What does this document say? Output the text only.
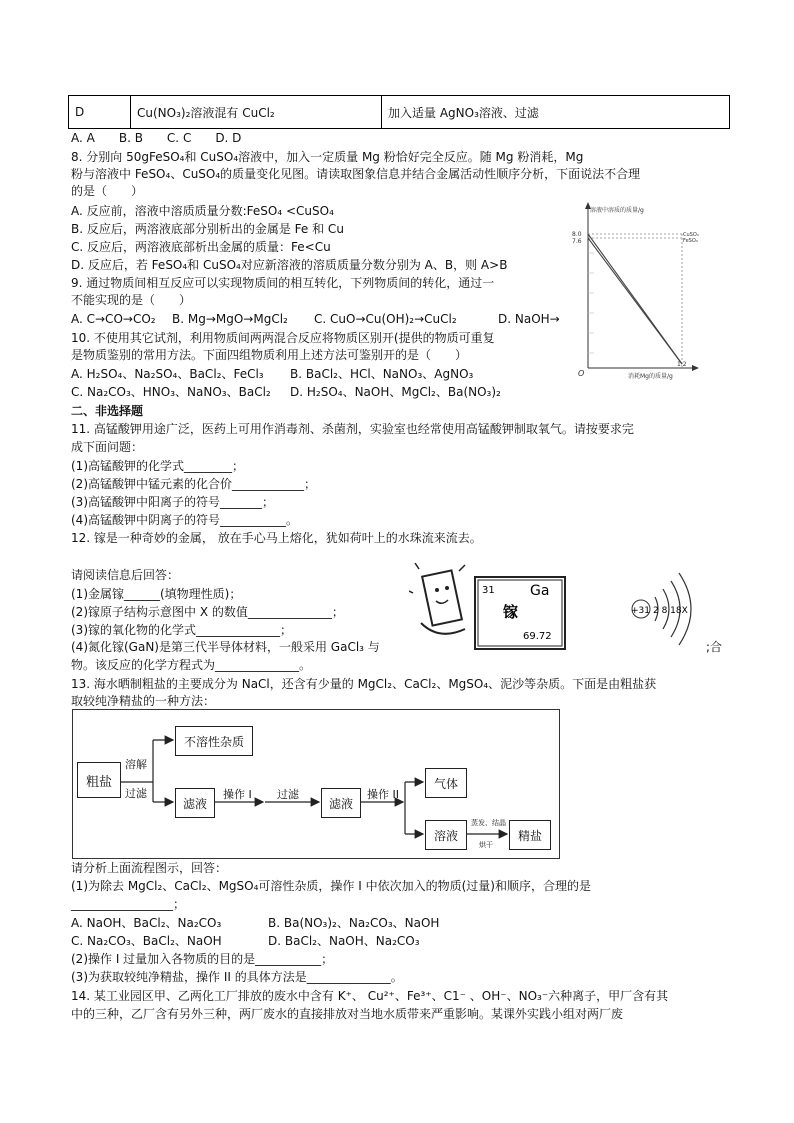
D	Cu(NO₃)₂溶液混有 CuCl₂	加入适量 AgNO₃溶液、过滤
A. A　　B. B　　C. C　　D. D
8. 分别向 50gFeSO₄和 CuSO₄溶液中，加入一定质量 Mg 粉恰好完全反应。随 Mg 粉消耗，Mg
粉与溶液中 FeSO₄、CuSO₄的质量变化见图。请读取图象信息并结合金属活动性顺序分析，下面说法不合理
的是（　　）
A. 反应前，溶液中溶质质量分数:FeSO₄ <CuSO₄
B. 反应后，两溶液底部分别析出的金属是 Fe 和 Cu
C. 反应后，两溶液底部析出金属的质量：Fe<Cu
D. 反应后，若 FeSO₄和 CuSO₄对应新溶液的溶质质量分数分别为 A、B，则 A>B
9. 通过物质间相互反应可以实现物质间的相互转化，下列物质间的转化，通过一
不能实现的是（　　）
A. C→CO→CO₂ B. Mg→MgO→MgCl₂ C. CuO→Cu(OH)₂→CuCl₂	D. NaOH→
10. 不使用其它试剂，利用物质间两两混合反应将物质区别开(提供的物质可重复
是物质鉴别的常用方法。下面四组物质利用上述方法可鉴别开的是（　　）
A. H₂SO₄、Na₂SO₄、BaCl₂、FeCl₃ B. BaCl₂、HCl、NaNO₃、AgNO₃
C. Na₂CO₃、HNO₃、NaNO₃、BaCl₂ D. H₂SO₄、NaOH、MgCl₂、Ba(NO₃)₂
溶液中溶质的质量/g
8.0
7.6
CuSO₄
FeSO₄
O
1.2
消耗Mg的质量/g
二、非选择题
11. 高锰酸钾用途广泛，医药上可用作消毒剂、杀菌剂，实验室也经常使用高锰酸钾制取氧气。请按要求完
成下面问题：
(1)高锰酸钾的化学式________；
(2)高锰酸钾中锰元素的化合价____________；
(3)高锰酸钾中阳离子的符号_______；
(4)高锰酸钾中阴离子的符号___________。
12. 镓是一种奇妙的金属， 放在手心马上熔化，犹如荷叶上的水珠流来流去。
请阅读信息后回答：
(1)金属镓______(填物理性质)；
(2)镓原子结构示意图中 X 的数值______________；
(3)镓的氧化物的化学式______________；
(4)氮化镓(GaN)是第三代半导体材料，一般采用 GaCl₃ 与	;合
物。该反应的化学方程式为______________。
31	Ga
镓
69.72
+31 2 8 18X
13. 海水晒制粗盐的主要成分为 NaCl，还含有少量的 MgCl₂、CaCl₂、MgSO₄、泥沙等杂质。下面是由粗盐获
取较纯净精盐的一种方法：
粗盐
溶解
过滤
不溶性杂质
滤液
操作 I 过滤
滤液
操作 II
气体
溶液
蒸发、结晶
烘干
精盐
请分析上面流程图示，回答：
(1)为除去 MgCl₂、CaCl₂、MgSO₄可溶性杂质，操作 I 中依次加入的物质(过量)和顺序，合理的是
_________________；
A. NaOH、BaCl₂、Na₂CO₃	B. Ba(NO₃)₂、Na₂CO₃、NaOH
C. Na₂CO₃、BaCl₂、NaOH	D. BaCl₂、NaOH、Na₂CO₃
(2)操作 I 过量加入各物质的目的是___________；
(3)为获取较纯净精盐，操作 II 的具体方法是______________。
14. 某工业园区甲、乙两化工厂排放的废水中含有 K⁺、 Cu²⁺、Fe³⁺、C1⁻ 、OH⁻、NO₃⁻六种离子，甲厂含有其
中的三种，乙厂含有另外三种，两厂废水的直接排放对当地水质带来严重影响。某课外实践小组对两厂废
